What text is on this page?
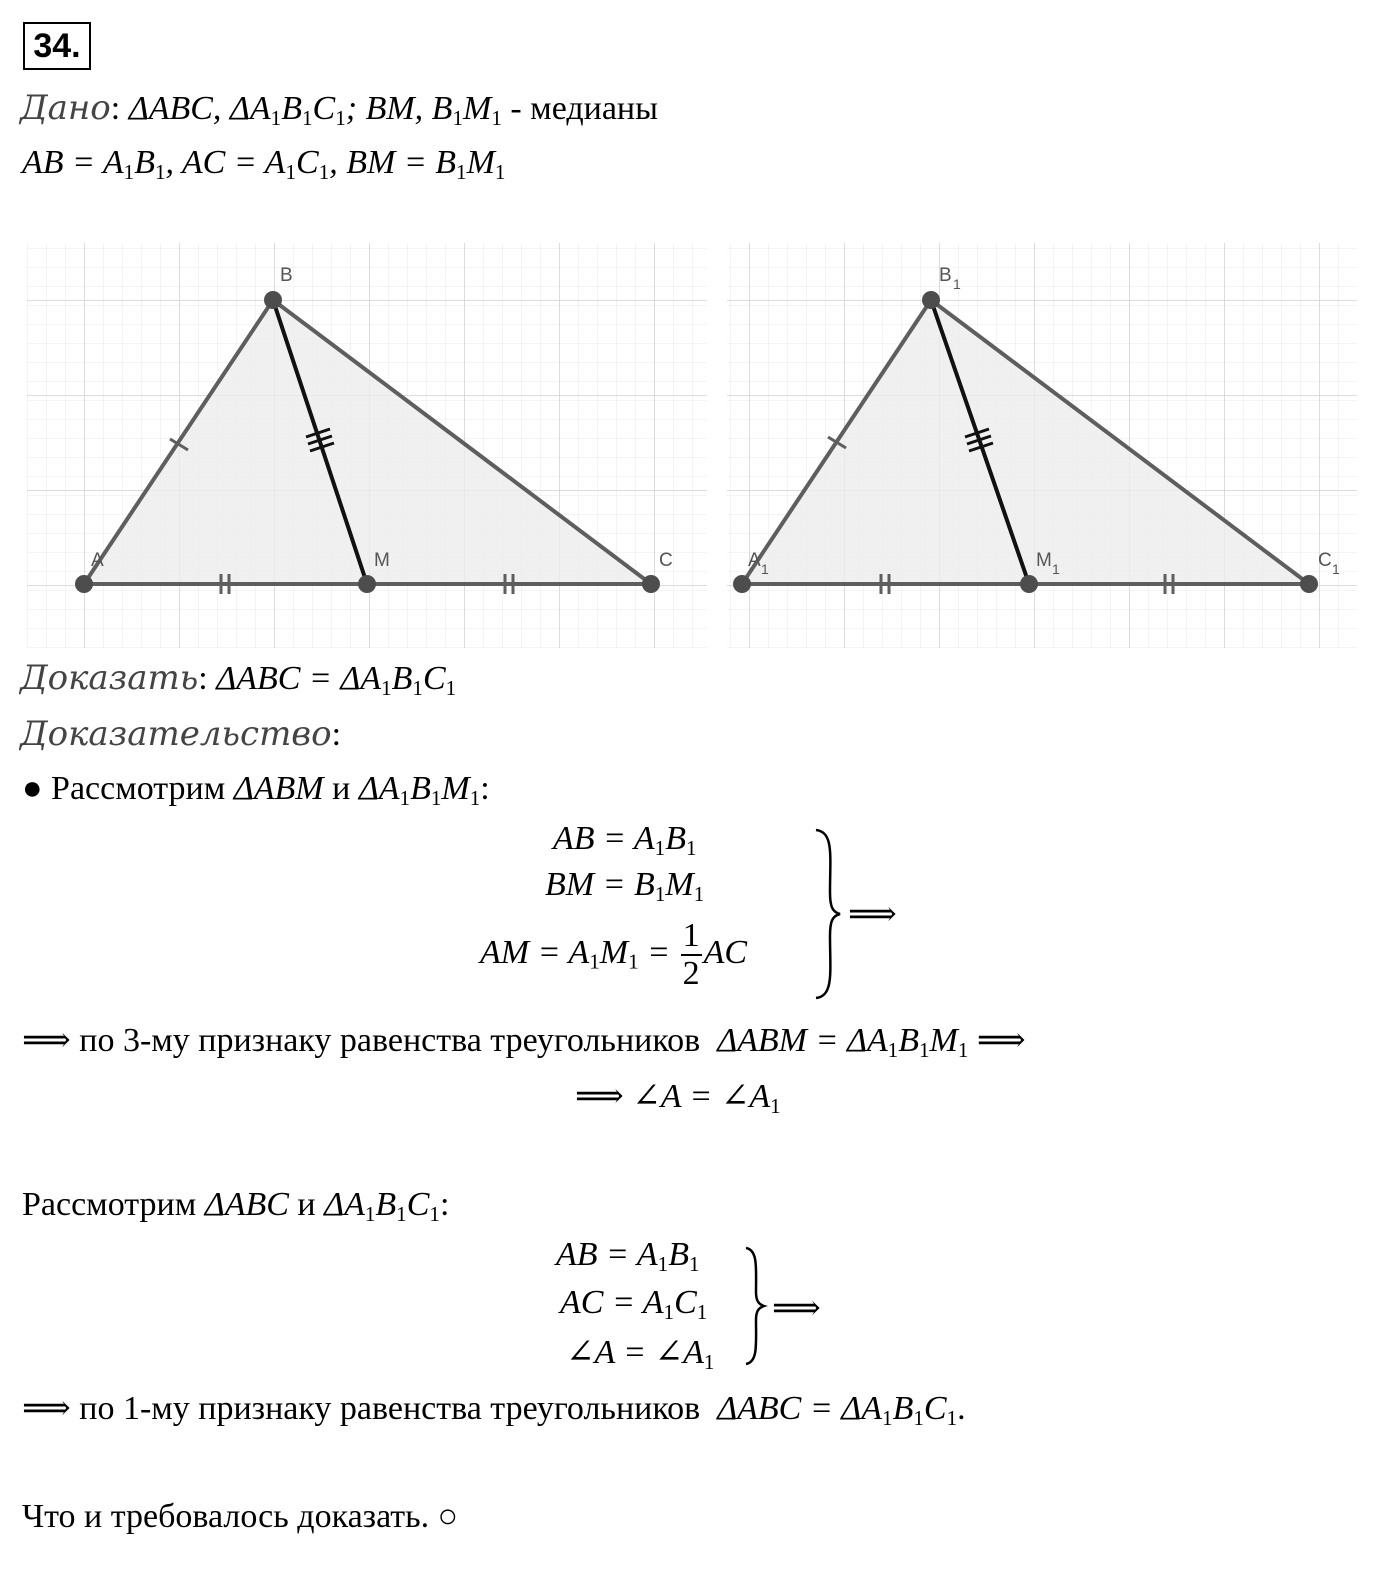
34.
Дано: ΔABC, $\Delta A_1B_1C_1$; BM, $B_1M_1$ - медианы
AB = $A_1B_1$, AC = $A_1C_1$, BM = $B_1M_1$
A
B
C
M	A 1
B 1
C 1
M 1
Доказать: $\Delta ABC = \Delta A_1B_1C_1$
Доказательство:
● Рассмотрим ΔABM и $\Delta A_1B_1M_1$:
AB = $A_1B_1$
BM = $B_1M_1$
AM = $A_1M_1 = \frac{1}{2}$ AC
⟹
⟹ по 3-му признаку равенства треугольников $\Delta ABM = \Delta A_1B_1M_1$ ⟹
⟹ ∠A = $\angle A_1$
Рассмотрим ΔABC и $\Delta A_1B_1C_1$:
AB = $A_1B_1$
AC = $A_1C_1$
∠A = $\angle A_1$
⟹
⟹ по 1-му признаку равенства треугольников $\Delta ABC = \Delta A_1B_1C_1$.
Что и требовалось доказать. ○
